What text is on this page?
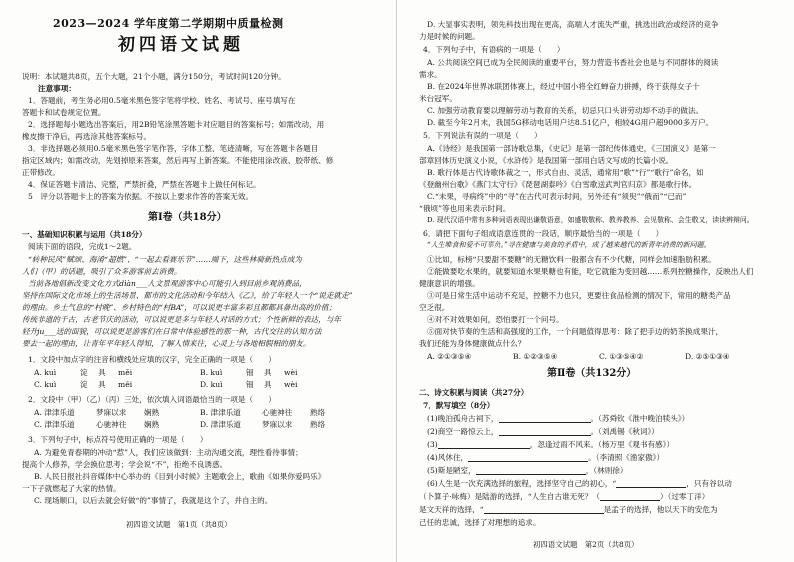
2023—2024 学年度第二学期期中质量检测
初四语文试题
说明：本试题共8页，五个大题，21个小题，满分150分，考试时间120分钟。
注意事项：
1．答题前，考生务必用0.5毫米黑色签字笔将学校、姓名、考试号、座号填写在
答题卡和试卷规定位置。
2．选择题每小题选出答案后，用2B铅笔涂黑答题卡对应题目的答案标号；如需改动，用
橡皮擦干净后，再选涂其他答案标号。
3．非选择题必须用0.5毫米黑色签字笔作答，字体工整、笔迹清晰，写在答题卡各题目
指定区域内；如需改动，先划掉原来答案，然后再写上新答案。不能使用涂改液、胶带纸、修
正带修改。
4．保证答题卡清洁、完整，严禁折叠，严禁在答题卡上做任何标记。
5　评分以答题卡上的答案为依据。不按以上要求作答的答案无效。
第Ⅰ卷（共18分）
一、基础知识积累与运用（共18分）
阅读下面的语段，完成1～2题。
“转种民风”赋颂、海淆“超燃”、“一起去看赛乐节”……端下，这些林骑新热点成为
人们（甲）的话题，吸引了众多游客前去消费。
当前各地倡新改变文化方式dìàn___人文景观游客中心可能引入到目前乡观消费品，
坚持在国际文化市场上的生活场景、都市的文化活动和今年结入《乙》，给了年轻人一个“说走就走”
的理由。乡土气息的“村晚”、乡村特色的“村BA”，可以说更丰富多彩且都都具备出高的价值；
传统非遗的千古，古老节庆的活动，可以说更是多与年轻人对话的方式；个性新鲜的表达，与年
轻升ju___送的面貌，可以说更是游客们在日常中体验感性的那一种，古代交往的认知方法
要去一起的理由，让青年平年轻人得知，了解人情来往，心灵上与各地相假相的朋友。
1．文段中加点字的注音和横线处应填的汉字，完全正确的一项是（　　）
A. kuì	淀 具 měi	B. kuì	钿 具 wèi
C. kuì	淀 具 měi	D. kuì	钿 具 wèi
2．文段中（甲）（乙）（丙）三处，依次填入词语最恰当的一项是（　　）
A. 津津乐道	梦寐以求 娴熟	B. 津津乐道	心驰神往 熟络
C. 津津乐道	心驰神往 娴熟	D. 津津乐道	梦寐以求 熟络
3．下列句子中，标点符号使用正确的一项是（　　）
A. 为避免青春期的冲动“惹”人，我们应该做到：主动沟通交流，理性看待事情；
提高个人修养，学会换位思考；学会说“不”，拒绝不良诱惑。
B. 人民日报社抖音媒体中心举办的《目到小时候》主题歌会上，歌曲《如果你爱吗乐》
一下子就燃起了大家的热情。
C. 现场顺口，以后去就会好做“的”事情了，我就是这个了，并自主的。
初四语文试题　第1页（共8页）
D. 大显事实表明，领先科技出现在更高，高端人才流失严重，挑选出政治或经济的竞争
力是时候的问题。
4．下列句子中，有语病的一项是（　　）
A. 公共阅读空间已成为全民阅读的重要平台，努力营造书香社会也是与不同群体的阅读
需求。
B. 在2024年世界冰联团体赛上，经过中国小将全红蝉奋力拼搏，终于获得女子十
米台冠军。
C. 加强劳动教育要以理解劳动与教育的关系，切忌只口头讲劳动却不动手的做法。
D. 截至今年2月末，我国5G移动电话用户达8.51亿户，相较4G用户超9000多万户。
5．下列说法有误的一项是（　　）
A.《诗经》是我国第一部诗歌总集，《史记》是第一部纪传体通史，《三国演义》是第一
部章回体历史演义小说，《水浒传》是我国第一部用白话文写成的长篇小说。
B. 歌行体是古代诗歌体裁之一，形式自由、灵活，通常用“歌”“行”“歌行”命名，如
《登幽州台歌》《燕门太守行》《琵琶湖泰吟》《白雪歌送武判官归京》都是歌行体。
C.“未果，寻病终”中的“寻”在古代可表示时间，另外还有“须臾”“俄而”“已而”
“俄顷”等也用来表示时间。
D. 现代汉语中常有多种词语表现出谦敬语意，如盛敬敬称、教养教养、会见敬称、会生敬又，读读辨辩问。
6．请把下面句子组成语意连贯的一段话，顺序最恰当的一项是（　　）
“人生唯食和爱不可辜负。”寻在健康与美食的矛盾中，成了越来越代的新青年消费的新问题。
①比如，标榜“只要甜不要糖”的无糖饮料一般都含有不少代糖，同样会加速脂肪积累。
②能做要吃水果的，就要知道水果果糖也有能，吃它就能为变回越……系列控糖操作，反映出人们
健康意识的增强。
③可是日常生活中运动不充足，控糖不力也只，更要往食品检测的情况下，常用的糖类产品
空乏很。
④对不对效果如何，恐怕要打一个问号。
⑤面对快节奏的生活和高强度的工作，一个问题值得思考：除了把手边的奶茶换成果汁，
我们还能为身体健康做点什么？
A. ②①③⑤④	B. ①②③⑤④	C. ①③⑤④②	D. ②⑤①③④
第Ⅱ卷（共132分）
二、诗文积累与阅读（共27分）
7．默写填空（8分）
(1)晚泊孤舟古祠下，	。（苏舜钦《淮中晚泊犊头》）
(2)商空一路惊云上，	。（刘禹锡《秋词》）
(3)	，忽逢过雨不风来。（杨万里《观书有感》）
(4)风休住，	。（李清照《渔家傲》）
(5)斯是陋室，	，（林则徐）
(6)人生是一次充满选择的旅程，选择坚守自己的初心，“	，只有谷以动
（卜算子·咏梅）是陆游的选择，“人生自古谁无死？（	）（过零丁洋）
是文天祥的选择，“	是孟子的选择，他以天下的安危为
己任的忠诚，选择了对理想的追求。
初四语文试题　第2页（共8页）
